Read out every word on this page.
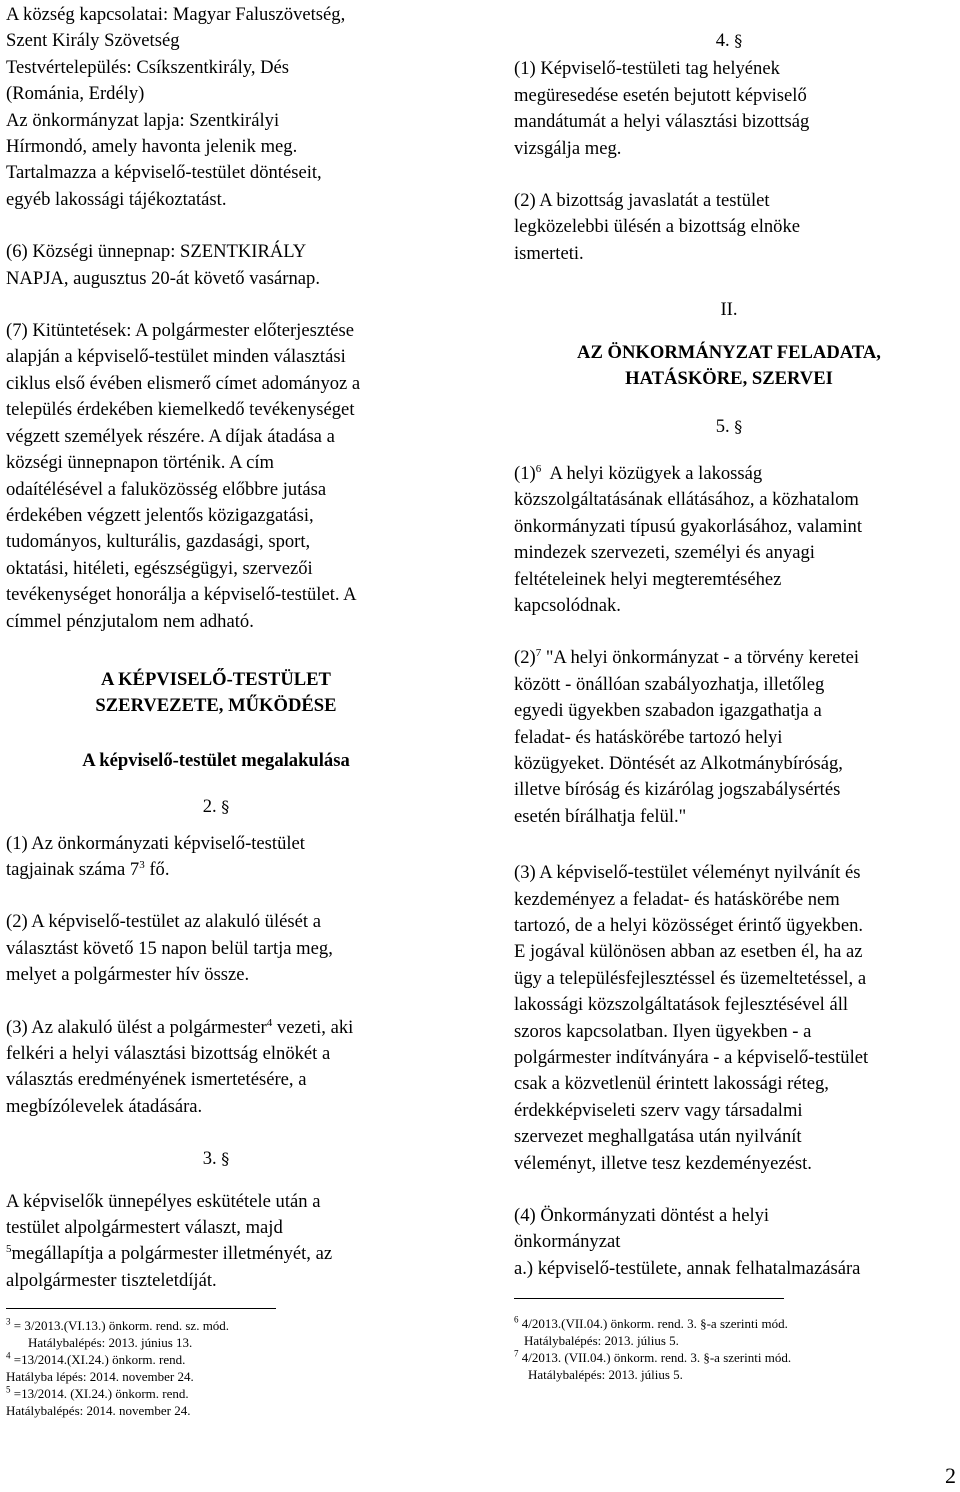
A község kapcsolatai: Magyar Faluszövetség,

Szent Király Szövetség

Testvértelepülés: Csíkszentkirály, Dés

(Románia, Erdély)

Az önkormányzat lapja: Szentkirályi

Hírmondó, amely havonta jelenik meg.

Tartalmazza a képviselő-testület döntéseit,

egyéb lakossági tájékoztatást.

(6) Községi ünnepnap: SZENTKIRÁLY

NAPJA, augusztus 20-át követő vasárnap.

(7) Kitüntetések: A polgármester előterjesztése

alapján a képviselő-testület minden választási

ciklus első évében elismerő címet adományoz a

település érdekében kiemelkedő tevékenységet

végzett személyek részére. A díjak átadása a

községi ünnepnapon történik. A cím

odaítélésével a faluközösség előbbre jutása

érdekében végzett jelentős közigazgatási,

tudományos, kulturális, gazdasági, sport,

oktatási, hitéleti, egészségügyi, szervezői

tevékenységet honorálja a képviselő-testület. A

címmel pénzjutalom nem adható.

A KÉPVISELŐ-TESTÜLET

SZERVEZETE, MŰKÖDÉSE

A képviselő-testület megalakulása

2. §

(1) Az önkormányzati képviselő-testület

tagjainak száma $7^3$ fő.

(2) A képviselő-testület az alakuló ülését a

választást követő 15 napon belül tartja meg,

melyet a polgármester hív össze.

(3) Az alakuló ülést a polgármester$^4$ vezeti, aki

felkéri a helyi választási bizottság elnökét a

választás eredményének ismertetésére, a

megbízólevelek átadására.

3. §

A képviselők ünnepélyes eskütétele után a

testület alpolgármestert választ, majd

$^5$megállapítja a polgármester illetményét, az

alpolgármester tiszteletdíját.

$^3$ = 3/2013.(VI.13.) önkorm. rend. sz. mód.

Hatálybalépés: 2013. június 13.

$^4$ =13/2014.(XI.24.) önkorm. rend.

Hatályba lépés: 2014. november 24.

$^5$ =13/2014. (XI.24.) önkorm. rend.

Hatálybalépés: 2014. november 24.

4. §

(1) Képviselő-testületi tag helyének

megüresedése esetén bejutott képviselő

mandátumát a helyi választási bizottság

vizsgálja meg.

(2) A bizottság javaslatát a testület

legközelebbi ülésén a bizottság elnöke

ismerteti.

II.

AZ ÖNKORMÁNYZAT FELADATA,

HATÁSKÖRE, SZERVEI

5. §

$(1)^6$  A helyi közügyek a lakosság

közszolgáltatásának ellátásához, a közhatalom

önkormányzati típusú gyakorlásához, valamint

mindezek szervezeti, személyi és anyagi

feltételeinek helyi megteremtéséhez

kapcsolódnak.

$(2)^7$ "A helyi önkormányzat - a törvény keretei

között - önállóan szabályozhatja, illetőleg

egyedi ügyekben szabadon igazgathatja a

feladat- és hatáskörébe tartozó helyi

közügyeket. Döntését az Alkotmánybíróság,

illetve bíróság és kizárólag jogszabálysértés

esetén bírálhatja felül."

(3) A képviselő-testület véleményt nyilvánít és

kezdeményez a feladat- és hatáskörébe nem

tartozó, de a helyi közösséget érintő ügyekben.

E jogával különösen abban az esetben él, ha az

ügy a településfejlesztéssel és üzemeltetéssel, a

lakossági közszolgáltatások fejlesztésével áll

szoros kapcsolatban. Ilyen ügyekben - a

polgármester indítványára - a képviselő-testület

csak a közvetlenül érintett lakossági réteg,

érdekképviseleti szerv vagy társadalmi

szervezet meghallgatása után nyilvánít

véleményt, illetve tesz kezdeményezést.

(4) Önkormányzati döntést a helyi

önkormányzat

a.) képviselő-testülete, annak felhatalmazására

$^6$ 4/2013.(VII.04.) önkorm. rend. 3. §-a szerinti mód.

Hatálybalépés: 2013. július 5.

$^7$ 4/2013. (VII.04.) önkorm. rend. 3. §-a szerinti mód.

Hatálybalépés: 2013. július 5.

2
